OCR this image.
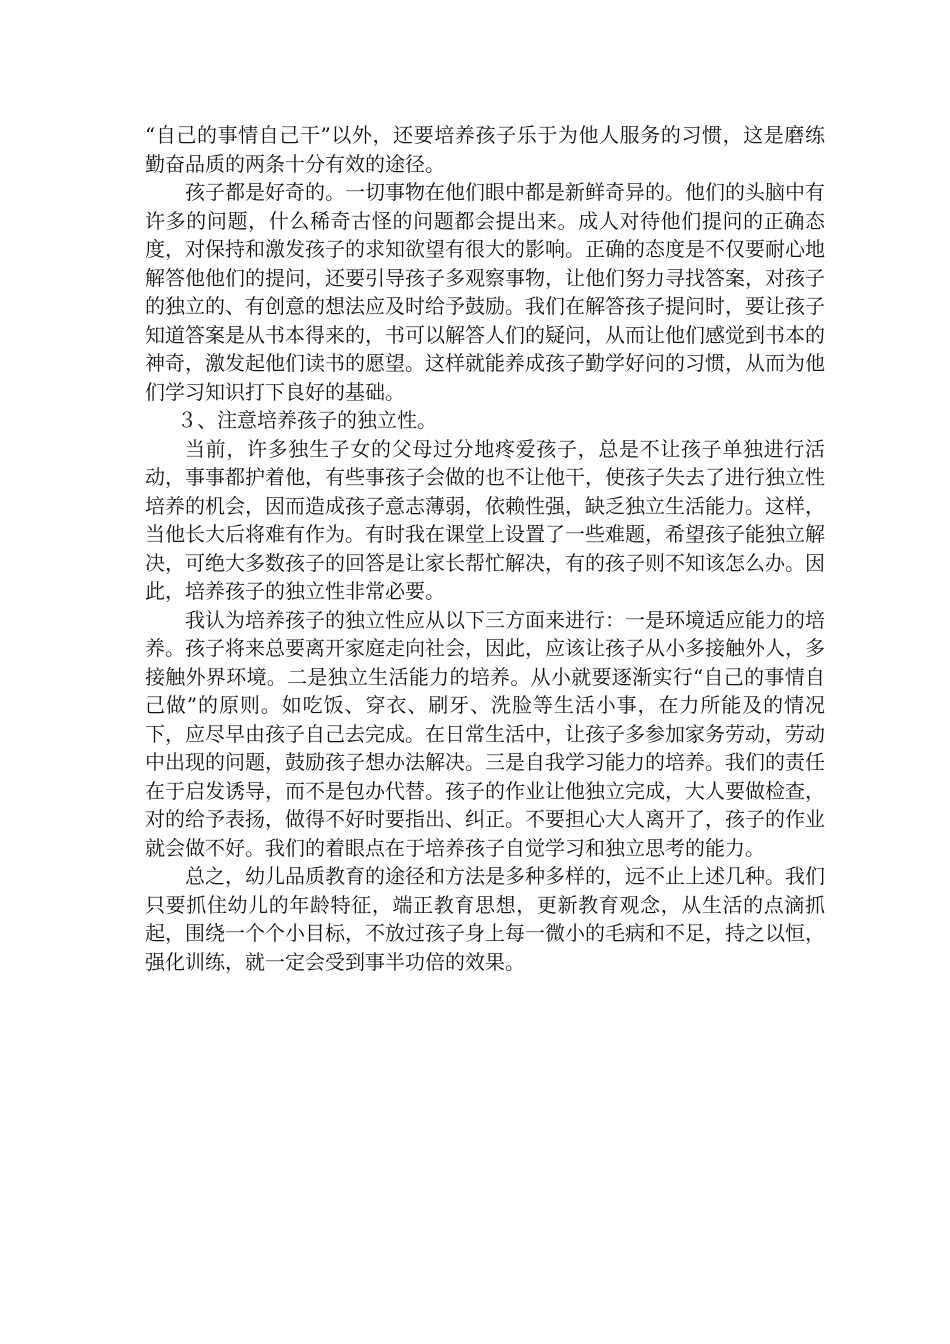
“自己的事情自己干”以外，还要培养孩子乐于为他人服务的习惯，这是磨练勤奋品质的两条十分有效的途径。

孩子都是好奇的。一切事物在他们眼中都是新鲜奇异的。他们的头脑中有许多的问题，什么稀奇古怪的问题都会提出来。成人对待他们提问的正确态度，对保持和激发孩子的求知欲望有很大的影响。正确的态度是不仅要耐心地解答他他们的提问，还要引导孩子多观察事物，让他们努力寻找答案，对孩子的独立的、有创意的想法应及时给予鼓励。我们在解答孩子提问时，要让孩子知道答案是从书本得来的，书可以解答人们的疑问，从而让他们感觉到书本的神奇，激发起他们读书的愿望。这样就能养成孩子勤学好问的习惯，从而为他们学习知识打下良好的基础。

３、注意培养孩子的独立性。

当前，许多独生子女的父母过分地疼爱孩子，总是不让孩子单独进行活动，事事都护着他，有些事孩子会做的也不让他干，使孩子失去了进行独立性培养的机会，因而造成孩子意志薄弱，依赖性强，缺乏独立生活能力。这样，当他长大后将难有作为。有时我在课堂上设置了一些难题，希望孩子能独立解决，可绝大多数孩子的回答是让家长帮忙解决，有的孩子则不知该怎么办。因此，培养孩子的独立性非常必要。

我认为培养孩子的独立性应从以下三方面来进行：一是环境适应能力的培养。孩子将来总要离开家庭走向社会，因此，应该让孩子从小多接触外人，多接触外界环境。二是独立生活能力的培养。从小就要逐渐实行“自己的事情自己做”的原则。如吃饭、穿衣、刷牙、洗脸等生活小事，在力所能及的情况下，应尽早由孩子自己去完成。在日常生活中，让孩子多参加家务劳动，劳动中出现的问题，鼓励孩子想办法解决。三是自我学习能力的培养。我们的责任在于启发诱导，而不是包办代替。孩子的作业让他独立完成，大人要做检查，对的给予表扬，做得不好时要指出、纠正。不要担心大人离开了，孩子的作业就会做不好。我们的着眼点在于培养孩子自觉学习和独立思考的能力。

总之，幼儿品质教育的途径和方法是多种多样的，远不止上述几种。我们只要抓住幼儿的年龄特征，端正教育思想，更新教育观念，从生活的点滴抓起，围绕一个个小目标，不放过孩子身上每一微小的毛病和不足，持之以恒，强化训练，就一定会受到事半功倍的效果。
